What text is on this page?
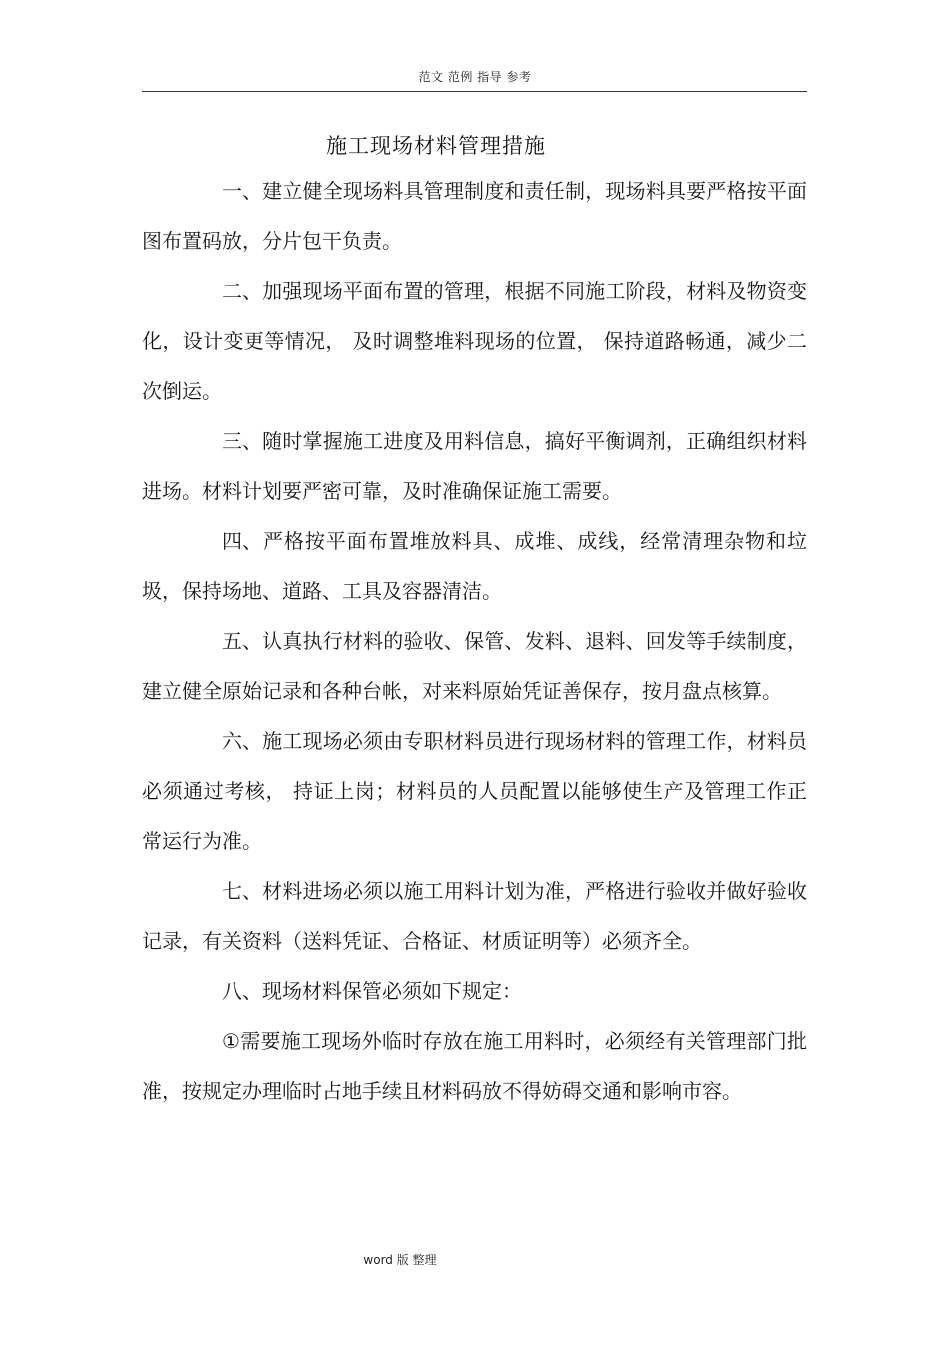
范文 范例 指导 参考
施工现场材料管理措施

一、建立健全现场料具管理制度和责任制，现场料具要严格按平面图布置码放，分片包干负责。

二、加强现场平面布置的管理，根据不同施工阶段，材料及物资变化，设计变更等情况， 及时调整堆料现场的位置， 保持道路畅通，减少二次倒运。

三、随时掌握施工进度及用料信息，搞好平衡调剂，正确组织材料进场。材料计划要严密可靠，及时准确保证施工需要。

四、严格按平面布置堆放料具、成堆、成线，经常清理杂物和垃圾，保持场地、道路、工具及容器清洁。

五、认真执行材料的验收、保管、发料、退料、回发等手续制度，建立健全原始记录和各种台帐，对来料原始凭证善保存，按月盘点核算。

六、施工现场必须由专职材料员进行现场材料的管理工作，材料员必须通过考核， 持证上岗；材料员的人员配置以能够使生产及管理工作正常运行为准。

七、材料进场必须以施工用料计划为准，严格进行验收并做好验收记录，有关资料（送料凭证、合格证、材质证明等）必须齐全。

八、现场材料保管必须如下规定：

①需要施工现场外临时存放在施工用料时，必须经有关管理部门批准，按规定办理临时占地手续且材料码放不得妨碍交通和影响市容。

word 版 整理
